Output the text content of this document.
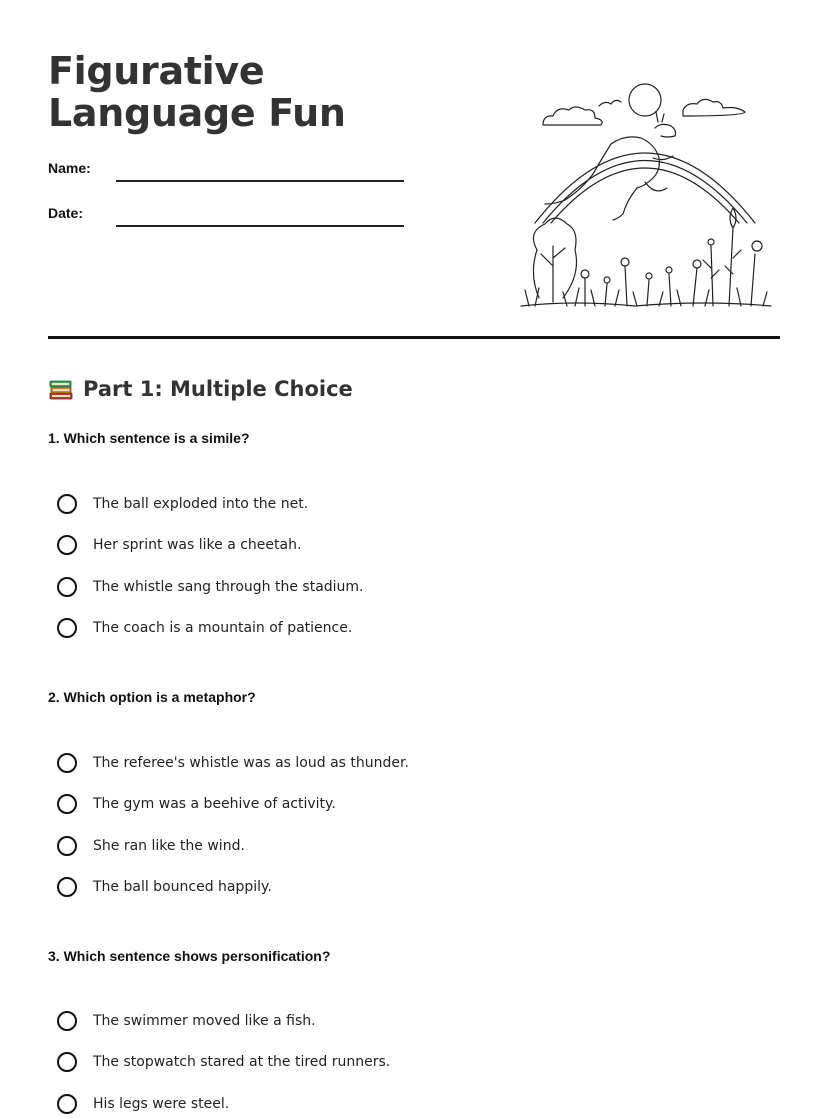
Figurative Language Fun
Name:
Date:
Part 1: Multiple Choice
1. Which sentence is a simile?
The ball exploded into the net.
Her sprint was like a cheetah.
The whistle sang through the stadium.
The coach is a mountain of patience.
2. Which option is a metaphor?
The referee's whistle was as loud as thunder.
The gym was a beehive of activity.
She ran like the wind.
The ball bounced happily.
3. Which sentence shows personification?
The swimmer moved like a fish.
The stopwatch stared at the tired runners.
His legs were steel.
